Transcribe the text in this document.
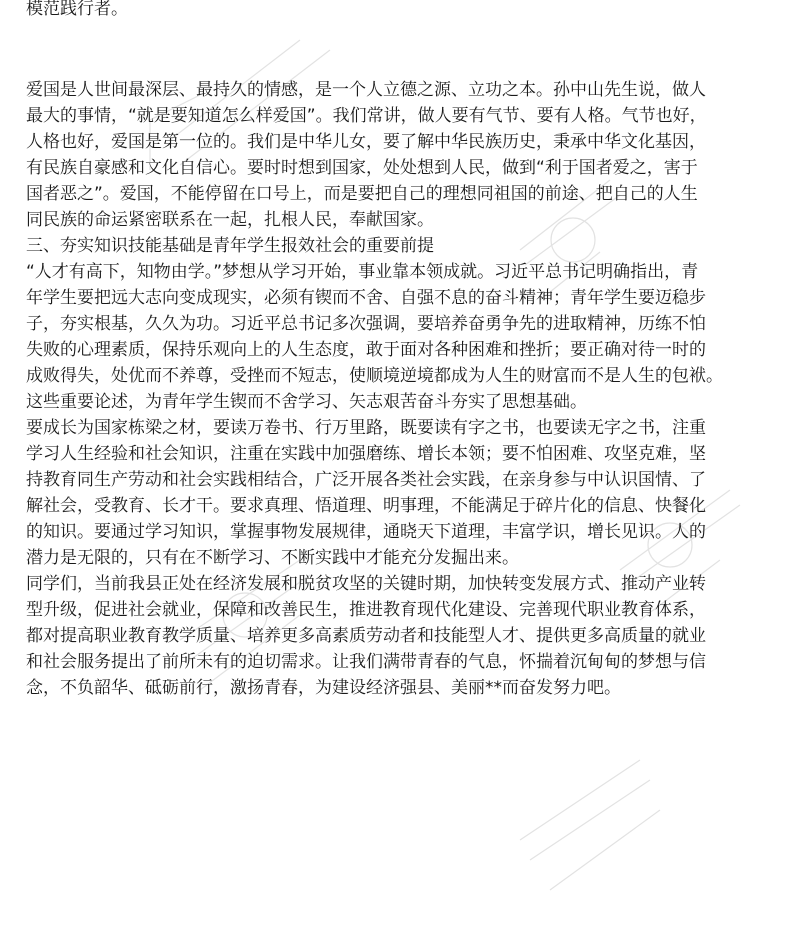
模范践行者。
爱国是人世间最深层、最持久的情感，是一个人立德之源、立功之本。孙中山先生说，做人
最大的事情，“就是要知道怎么样爱国”。我们常讲，做人要有气节、要有人格。气节也好，
人格也好，爱国是第一位的。我们是中华儿女，要了解中华民族历史，秉承中华文化基因，
有民族自豪感和文化自信心。要时时想到国家，处处想到人民，做到“利于国者爱之，害于
国者恶之”。爱国，不能停留在口号上，而是要把自己的理想同祖国的前途、把自己的人生
同民族的命运紧密联系在一起，扎根人民，奉献国家。
三、夯实知识技能基础是青年学生报效社会的重要前提
“人才有高下，知物由学。”梦想从学习开始，事业靠本领成就。习近平总书记明确指出，青
年学生要把远大志向变成现实，必须有锲而不舍、自强不息的奋斗精神；青年学生要迈稳步
子，夯实根基，久久为功。习近平总书记多次强调，要培养奋勇争先的进取精神，历练不怕
失败的心理素质，保持乐观向上的人生态度，敢于面对各种困难和挫折；要正确对待一时的
成败得失，处优而不养尊，受挫而不短志，使顺境逆境都成为人生的财富而不是人生的包袱。
这些重要论述，为青年学生锲而不舍学习、矢志艰苦奋斗夯实了思想基础。
要成长为国家栋梁之材，要读万卷书、行万里路，既要读有字之书，也要读无字之书，注重
学习人生经验和社会知识，注重在实践中加强磨练、增长本领；要不怕困难、攻坚克难，坚
持教育同生产劳动和社会实践相结合，广泛开展各类社会实践，在亲身参与中认识国情、了
解社会，受教育、长才干。要求真理、悟道理、明事理，不能满足于碎片化的信息、快餐化
的知识。要通过学习知识，掌握事物发展规律，通晓天下道理，丰富学识，增长见识。人的
潜力是无限的，只有在不断学习、不断实践中才能充分发掘出来。
同学们，当前我县正处在经济发展和脱贫攻坚的关键时期，加快转变发展方式、推动产业转
型升级，促进社会就业，保障和改善民生，推进教育现代化建设、完善现代职业教育体系，
都对提高职业教育教学质量、培养更多高素质劳动者和技能型人才、提供更多高质量的就业
和社会服务提出了前所未有的迫切需求。让我们满带青春的气息，怀揣着沉甸甸的梦想与信
念，不负韶华、砥砺前行，激扬青春，为建设经济强县、美丽**而奋发努力吧。
